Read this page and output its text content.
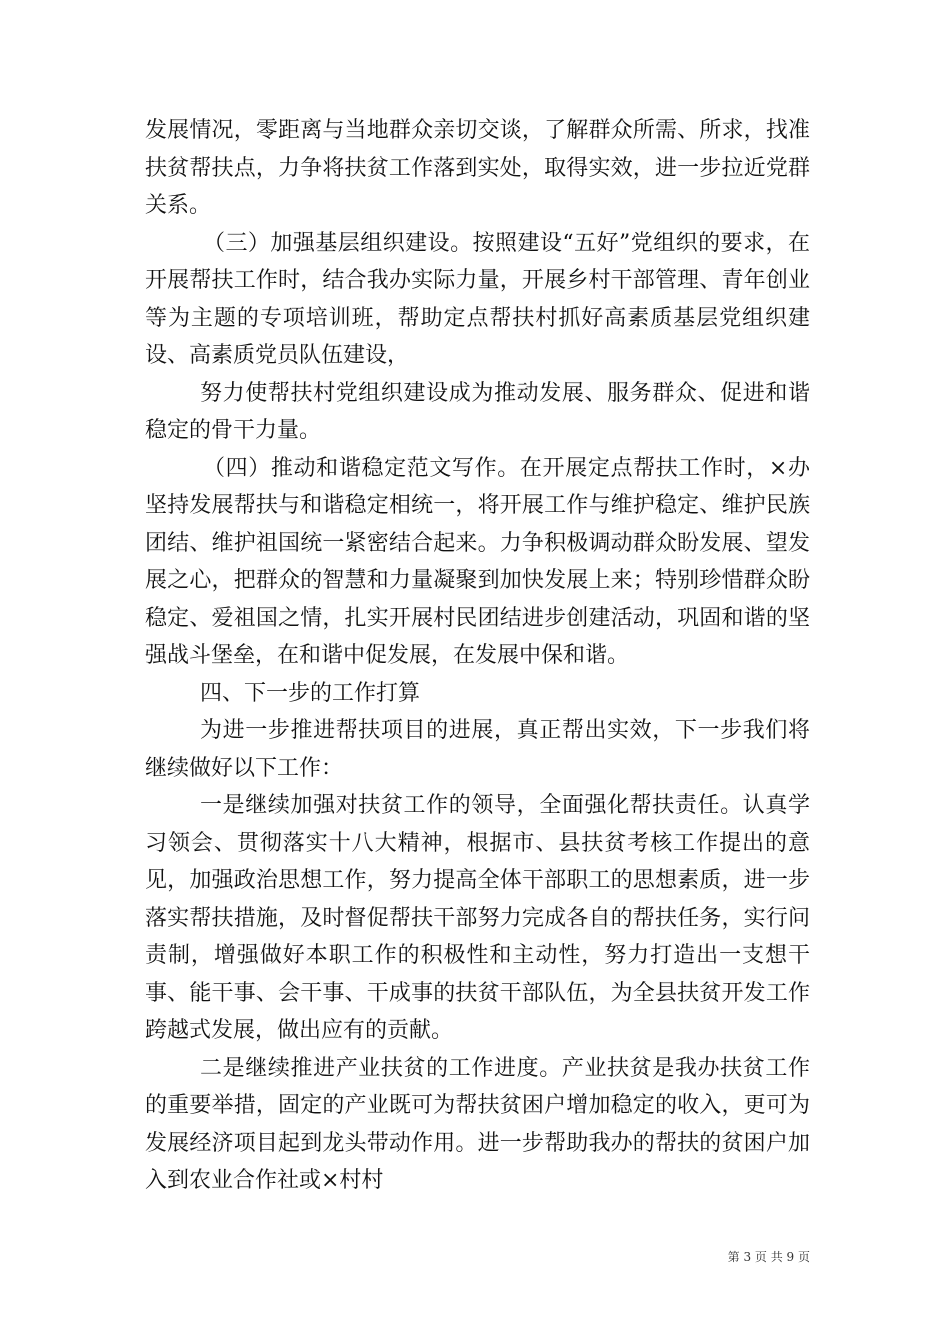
发展情况，零距离与当地群众亲切交谈，了解群众所需、所求，找准扶贫帮扶点，力争将扶贫工作落到实处，取得实效，进一步拉近党群关系。

（三）加强基层组织建设。按照建设“五好”党组织的要求，在开展帮扶工作时，结合我办实际力量，开展乡村干部管理、青年创业等为主题的专项培训班，帮助定点帮扶村抓好高素质基层党组织建设、高素质党员队伍建设，

努力使帮扶村党组织建设成为推动发展、服务群众、促进和谐稳定的骨干力量。

（四）推动和谐稳定范文写作。在开展定点帮扶工作时，×办坚持发展帮扶与和谐稳定相统一，将开展工作与维护稳定、维护民族团结、维护祖国统一紧密结合起来。力争积极调动群众盼发展、望发展之心，把群众的智慧和力量凝聚到加快发展上来；特别珍惜群众盼稳定、爱祖国之情，扎实开展村民团结进步创建活动，巩固和谐的坚强战斗堡垒，在和谐中促发展，在发展中保和谐。

四、下一步的工作打算

为进一步推进帮扶项目的进展，真正帮出实效，下一步我们将继续做好以下工作：

一是继续加强对扶贫工作的领导，全面强化帮扶责任。认真学习领会、贯彻落实十八大精神，根据市、县扶贫考核工作提出的意见，加强政治思想工作，努力提高全体干部职工的思想素质，进一步落实帮扶措施，及时督促帮扶干部努力完成各自的帮扶任务，实行问责制，增强做好本职工作的积极性和主动性，努力打造出一支想干事、能干事、会干事、干成事的扶贫干部队伍，为全县扶贫开发工作跨越式发展，做出应有的贡献。

二是继续推进产业扶贫的工作进度。产业扶贫是我办扶贫工作的重要举措，固定的产业既可为帮扶贫困户增加稳定的收入，更可为发展经济项目起到龙头带动作用。进一步帮助我办的帮扶的贫困户加入到农业合作社或×村村

第 3 页 共 9 页
